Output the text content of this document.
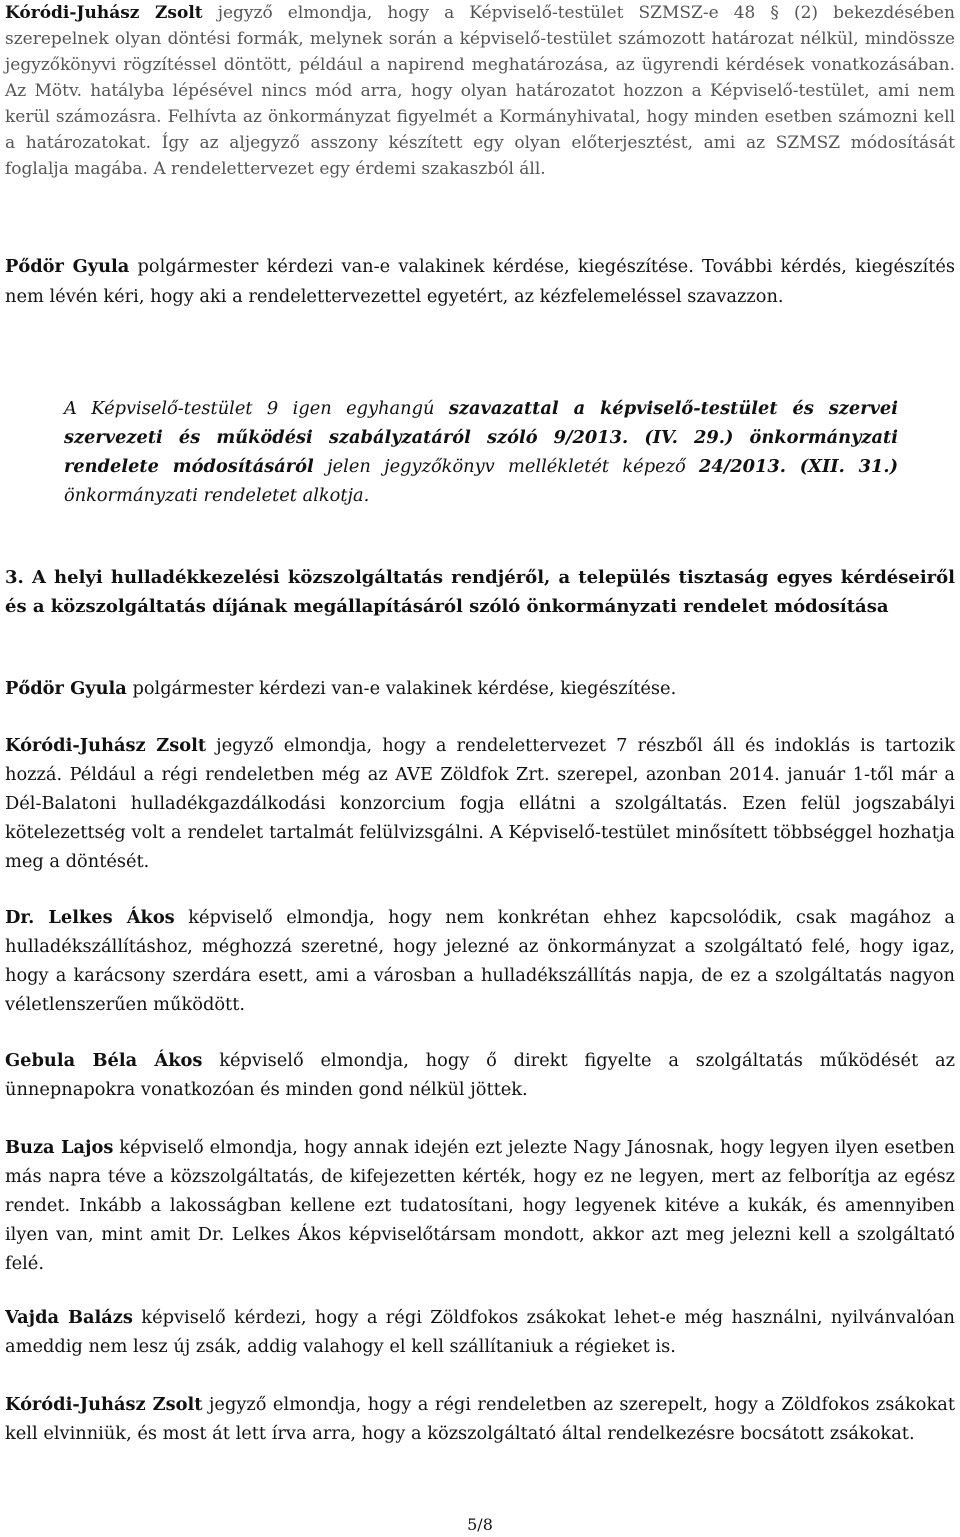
Kóródi-Juhász Zsolt jegyző elmondja, hogy a Képviselő-testület SZMSZ-e 48 § (2) bekezdésében szerepelnek olyan döntési formák, melynek során a képviselő-testület számozott határozat nélkül, mindössze jegyzőkönyvi rögzítéssel döntött, például a napirend meghatározása, az ügyrendi kérdések vonatkozásában. Az Mötv. hatályba lépésével nincs mód arra, hogy olyan határozatot hozzon a Képviselő-testület, ami nem kerül számozásra. Felhívta az önkormányzat figyelmét a Kormányhivatal, hogy minden esetben számozni kell a határozatokat. Így az aljegyző asszony készített egy olyan előterjesztést, ami az SZMSZ módosítását foglalja magába. A rendelettervezet egy érdemi szakaszból áll.

Pődör Gyula polgármester kérdezi van-e valakinek kérdése, kiegészítése. További kérdés, kiegészítés nem lévén kéri, hogy aki a rendelettervezettel egyetért, az kézfelemeléssel szavazzon.

A Képviselő-testület 9 igen egyhangú szavazattal a képviselő-testület és szervei szervezeti és működési szabályzatáról szóló 9/2013. (IV. 29.) önkormányzati rendelete módosításáról jelen jegyzőkönyv mellékletét képező 24/2013. (XII. 31.) önkormányzati rendeletet alkotja.

3. A helyi hulladékkezelési közszolgáltatás rendjéről, a település tisztaság egyes kérdéseiről és a közszolgáltatás díjának megállapításáról szóló önkormányzati rendelet módosítása

Pődör Gyula polgármester kérdezi van-e valakinek kérdése, kiegészítése.

Kóródi-Juhász Zsolt jegyző elmondja, hogy a rendelettervezet 7 részből áll és indoklás is tartozik hozzá. Például a régi rendeletben még az AVE Zöldfok Zrt. szerepel, azonban 2014. január 1-től már a Dél-Balatoni hulladékgazdálkodási konzorcium fogja ellátni a szolgáltatás. Ezen felül jogszabályi kötelezettség volt a rendelet tartalmát felülvizsgálni. A Képviselő-testület minősített többséggel hozhatja meg a döntését.

Dr. Lelkes Ákos képviselő elmondja, hogy nem konkrétan ehhez kapcsolódik, csak magához a hulladékszállításhoz, méghozzá szeretné, hogy jelezné az önkormányzat a szolgáltató felé, hogy igaz, hogy a karácsony szerdára esett, ami a városban a hulladékszállítás napja, de ez a szolgáltatás nagyon véletlenszerűen működött.

Gebula Béla Ákos képviselő elmondja, hogy ő direkt figyelte a szolgáltatás működését az ünnepnapokra vonatkozóan és minden gond nélkül jöttek.

Buza Lajos képviselő elmondja, hogy annak idején ezt jelezte Nagy Jánosnak, hogy legyen ilyen esetben más napra téve a közszolgáltatás, de kifejezetten kérték, hogy ez ne legyen, mert az felborítja az egész rendet. Inkább a lakosságban kellene ezt tudatosítani, hogy legyenek kitéve a kukák, és amennyiben ilyen van, mint amit Dr. Lelkes Ákos képviselőtársam mondott, akkor azt meg jelezni kell a szolgáltató felé.

Vajda Balázs képviselő kérdezi, hogy a régi Zöldfokos zsákokat lehet-e még használni, nyilvánvalóan ameddig nem lesz új zsák, addig valahogy el kell szállítaniuk a régieket is.

Kóródi-Juhász Zsolt jegyző elmondja, hogy a régi rendeletben az szerepelt, hogy a Zöldfokos zsákokat kell elvinniük, és most át lett írva arra, hogy a közszolgáltató által rendelkezésre bocsátott zsákokat.

5/8
